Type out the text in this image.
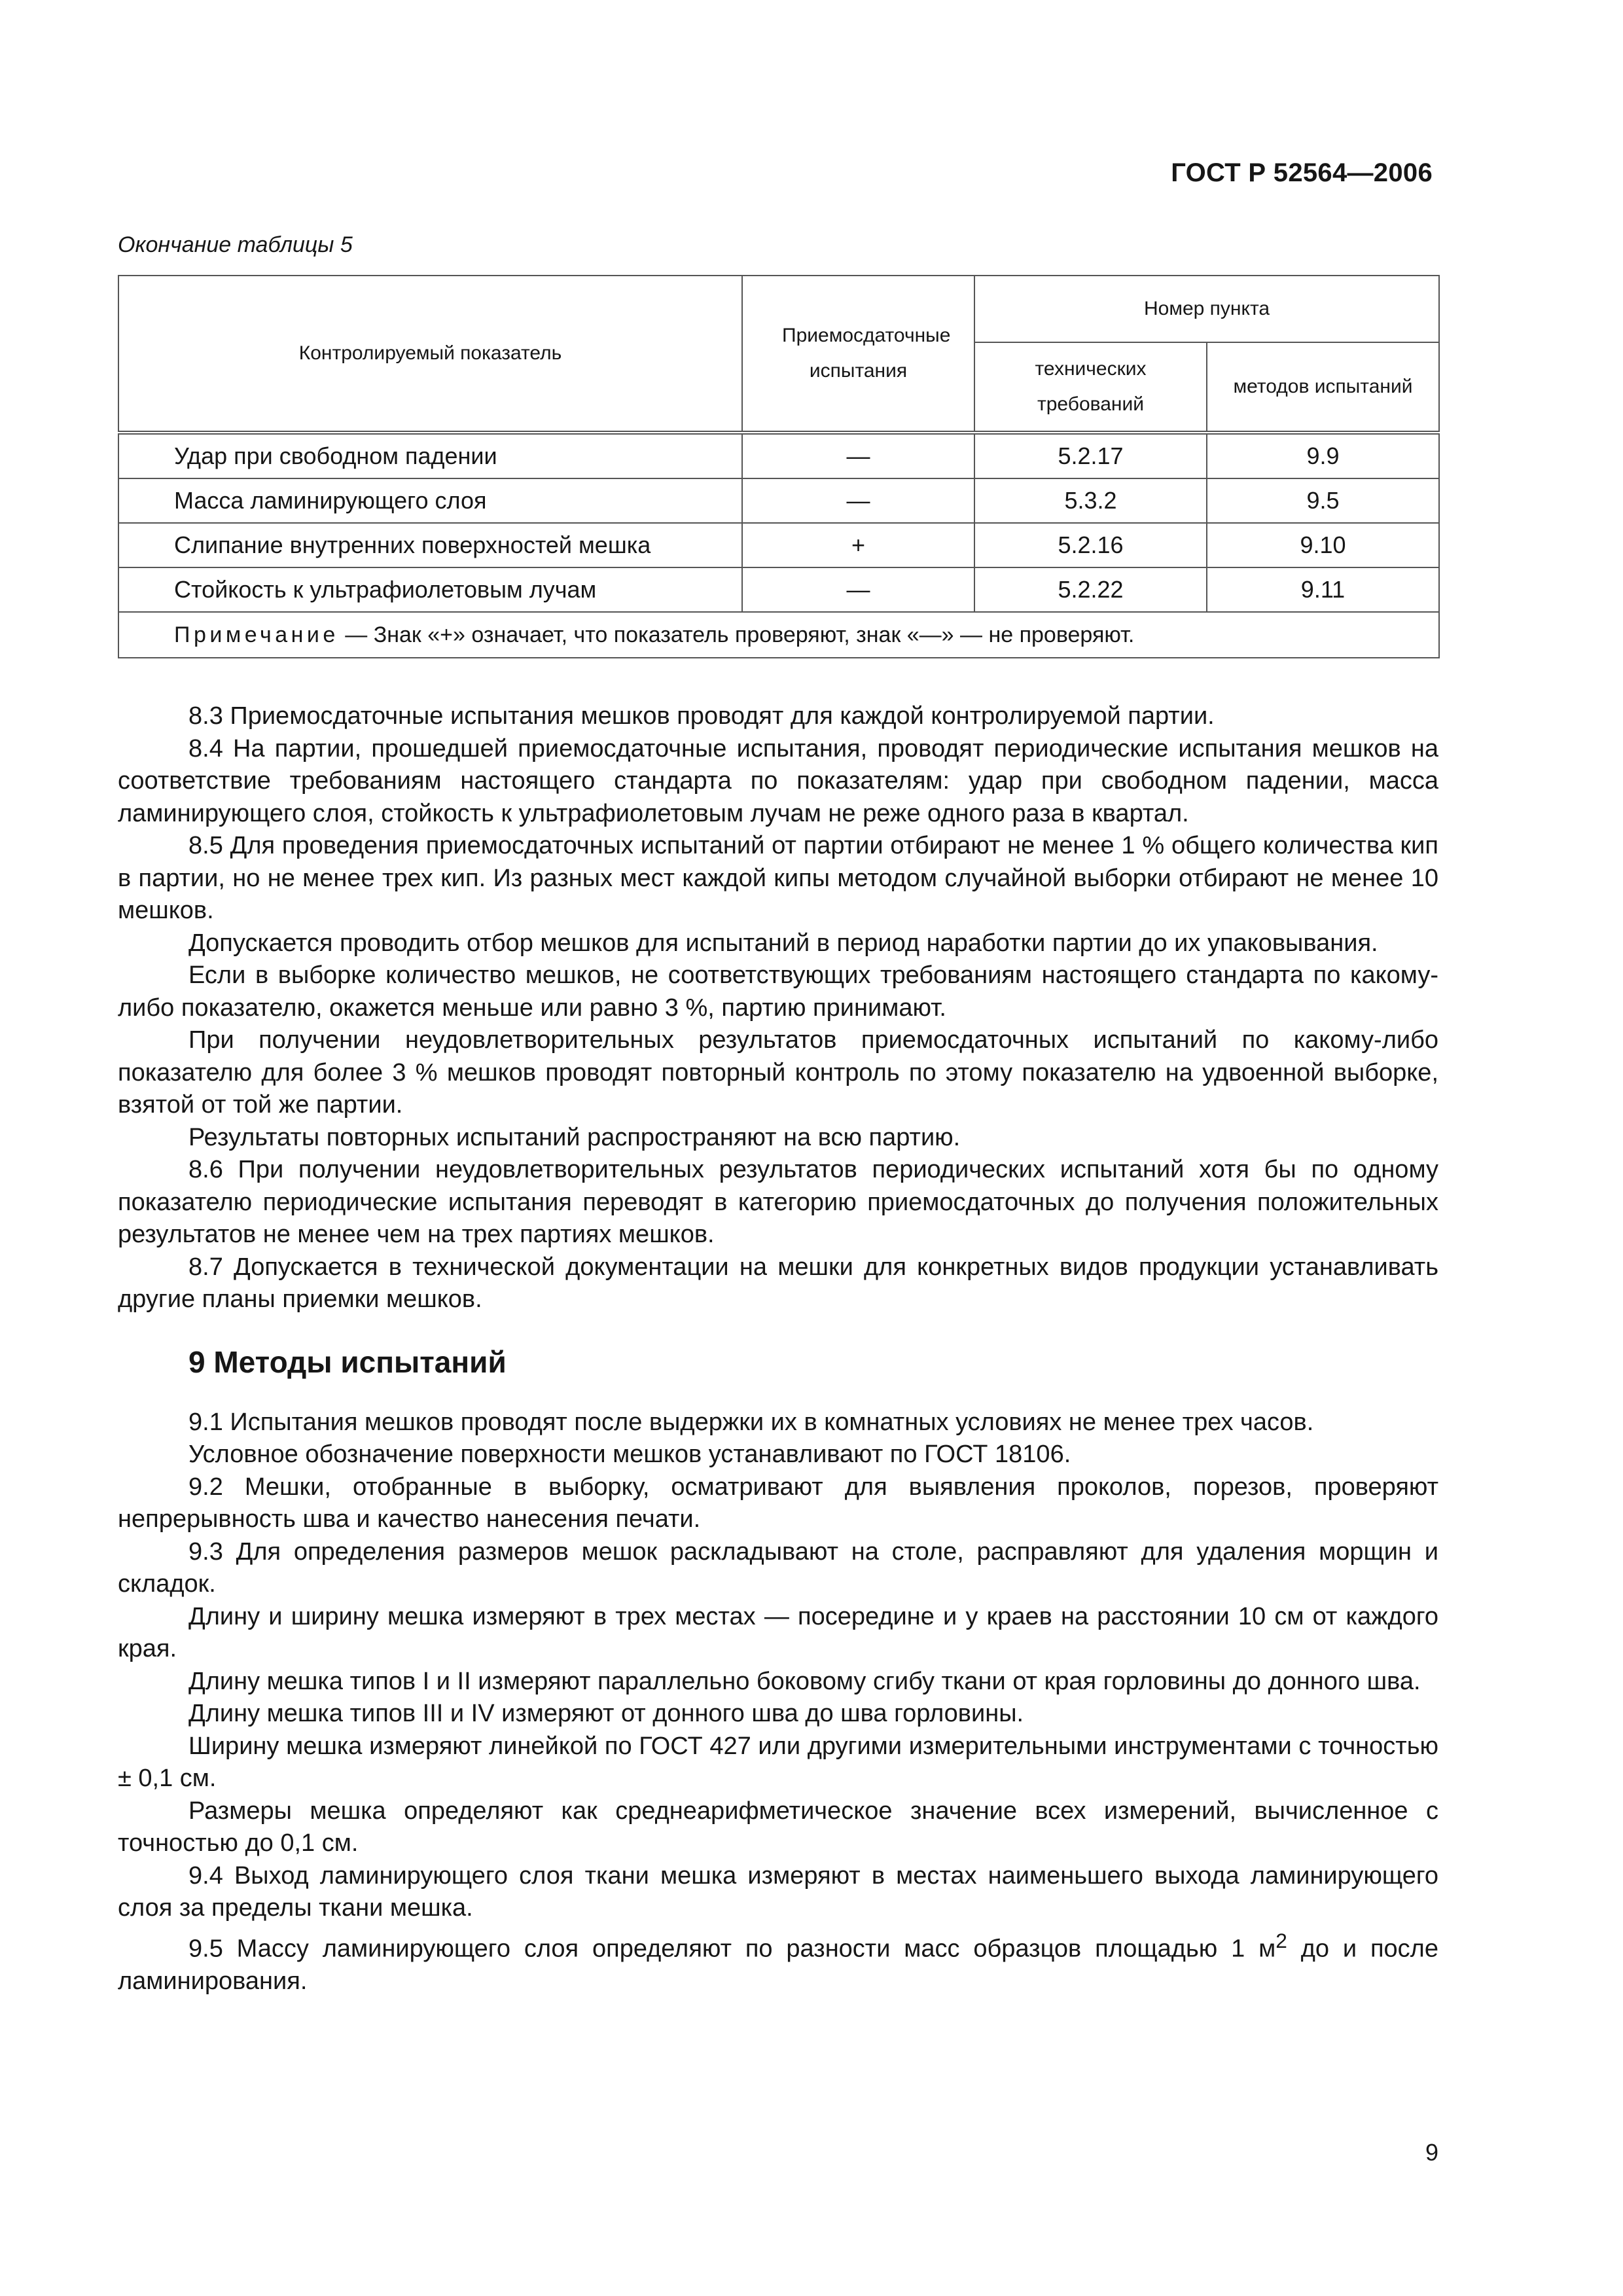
ГОСТ Р 52564—2006
Окончание таблицы 5
Контролируемый показатель	Приемосдаточные испытания	Номер пункта	
		технических требований	методов испытаний
Удар при свободном падении	—	5.2.17	9.9
Масса ламинирующего слоя	—	5.3.2	9.5
Слипание внутренних поверхностей мешка	+	5.2.16	9.10
Стойкость к ультрафиолетовым лучам	—	5.2.22	9.11
Примечание — Знак «+» означает, что показатель проверяют, знак «—» — не проверяют.			

8.3 Приемосдаточные испытания мешков проводят для каждой контролируемой партии.

8.4 На партии, прошедшей приемосдаточные испытания, проводят периодические испытания мешков на соответствие требованиям настоящего стандарта по показателям: удар при свободном падении, масса ламинирующего слоя, стойкость к ультрафиолетовым лучам не реже одного раза в квартал.

8.5 Для проведения приемосдаточных испытаний от партии отбирают не менее 1 % общего количества кип в партии, но не менее трех кип. Из разных мест каждой кипы методом случайной выборки отбирают не менее 10 мешков.

Допускается проводить отбор мешков для испытаний в период наработки партии до их упаковывания.

Если в выборке количество мешков, не соответствующих требованиям настоящего стандарта по какому-либо показателю, окажется меньше или равно 3 %, партию принимают.

При получении неудовлетворительных результатов приемосдаточных испытаний по какому-либо показателю для более 3 % мешков проводят повторный контроль по этому показателю на удвоенной выборке, взятой от той же партии.

Результаты повторных испытаний распространяют на всю партию.

8.6 При получении неудовлетворительных результатов периодических испытаний хотя бы по одному показателю периодические испытания переводят в категорию приемосдаточных до получения положительных результатов не менее чем на трех партиях мешков.

8.7 Допускается в технической документации на мешки для конкретных видов продукции устанавливать другие планы приемки мешков.

9 Методы испытаний

9.1 Испытания мешков проводят после выдержки их в комнатных условиях не менее трех часов.

Условное обозначение поверхности мешков устанавливают по ГОСТ 18106.

9.2 Мешки, отобранные в выборку, осматривают для выявления проколов, порезов, проверяют непрерывность шва и качество нанесения печати.

9.3 Для определения размеров мешок раскладывают на столе, расправляют для удаления морщин и складок.

Длину и ширину мешка измеряют в трех местах — посередине и у краев на расстоянии 10 см от каждого края.

Длину мешка типов I и II измеряют параллельно боковому сгибу ткани от края горловины до донного шва.

Длину мешка типов III и IV измеряют от донного шва до шва горловины.

Ширину мешка измеряют линейкой по ГОСТ 427 или другими измерительными инструментами с точностью ± 0,1 см.

Размеры мешка определяют как среднеарифметическое значение всех измерений, вычисленное с точностью до 0,1 см.

9.4 Выход ламинирующего слоя ткани мешка измеряют в местах наименьшего выхода ламинирующего слоя за пределы ткани мешка.

9.5 Массу ламинирующего слоя определяют по разности масс образцов площадью 1 $м^2$ до и после ламинирования.

9
